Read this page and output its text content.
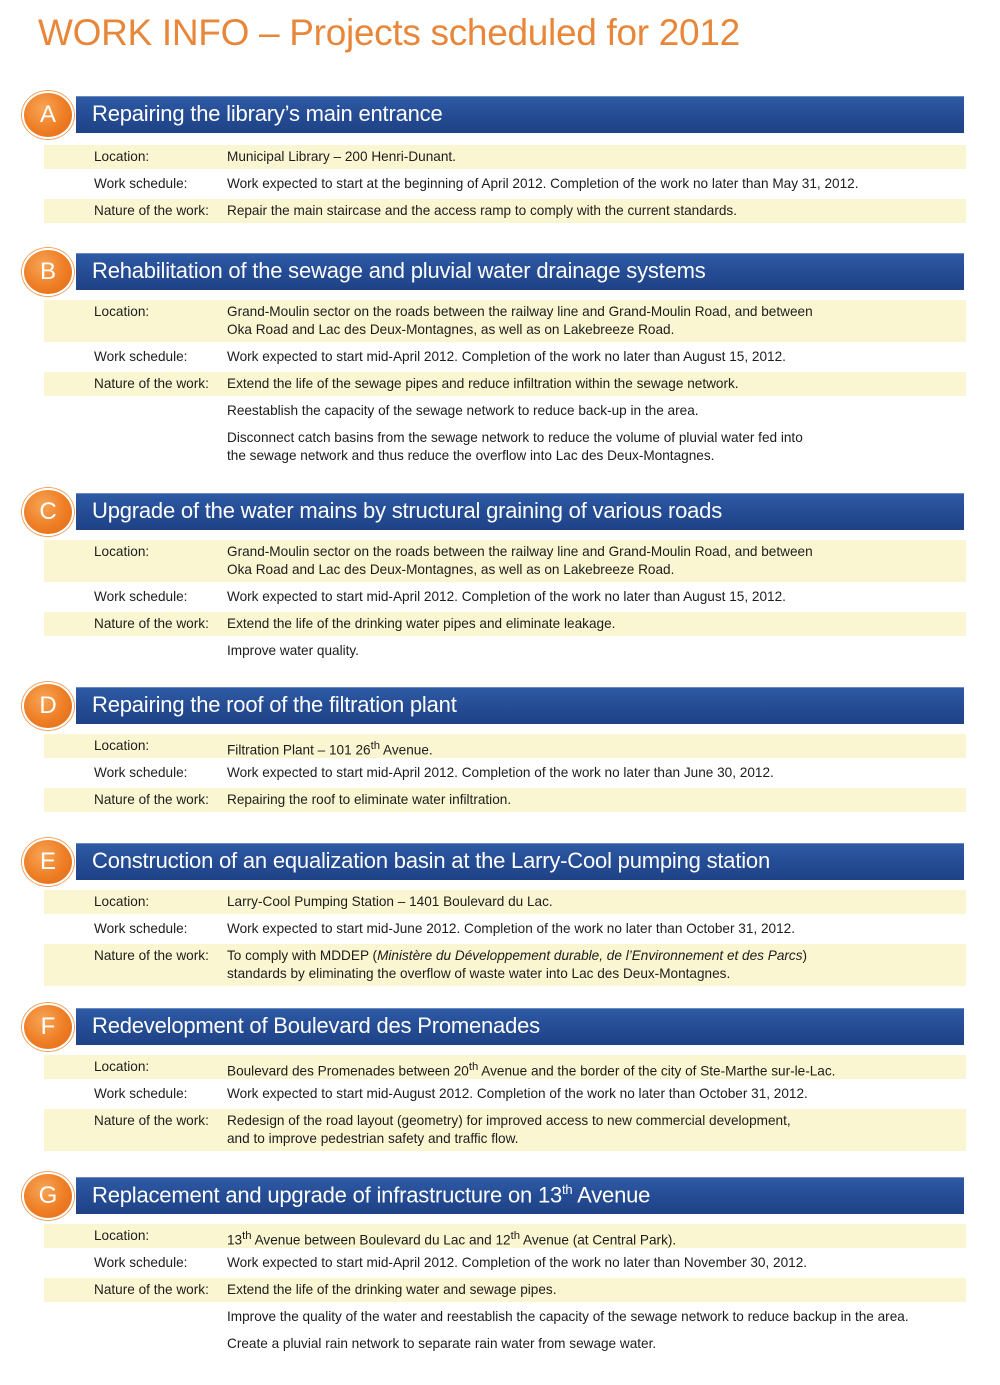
WORK INFO – Projects scheduled for 2012
Repairing the library’s main entrance
A
Location:	Municipal Library – 200 Henri-Dunant.
Work schedule:	Work expected to start at the beginning of April 2012. Completion of the work no later than May 31, 2012.
Nature of the work: Repair the main staircase and the access ramp to comply with the current standards.
Rehabilitation of the sewage and pluvial water drainage systems
B
Location:	Grand-Moulin sector on the roads between the railway line and Grand-Moulin Road, and between
Oka Road and Lac des Deux-Montagnes, as well as on Lakebreeze Road.
Work schedule:	Work expected to start mid-April 2012. Completion of the work no later than August 15, 2012.
Nature of the work: Extend the life of the sewage pipes and reduce infiltration within the sewage network.
Reestablish the capacity of the sewage network to reduce back-up in the area.
Disconnect catch basins from the sewage network to reduce the volume of pluvial water fed into
the sewage network and thus reduce the overflow into Lac des Deux-Montagnes.
Upgrade of the water mains by structural graining of various roads
C
Location:	Grand-Moulin sector on the roads between the railway line and Grand-Moulin Road, and between
Oka Road and Lac des Deux-Montagnes, as well as on Lakebreeze Road.
Work schedule:	Work expected to start mid-April 2012. Completion of the work no later than August 15, 2012.
Nature of the work: Extend the life of the drinking water pipes and eliminate leakage.
Improve water quality.
Repairing the roof of the filtration plant
D
Location:	Filtration Plant – 101 26th Avenue.
Work schedule:	Work expected to start mid-April 2012. Completion of the work no later than June 30, 2012.
Nature of the work: Repairing the roof to eliminate water infiltration.
Construction of an equalization basin at the Larry-Cool pumping station
E
Location:	Larry-Cool Pumping Station – 1401 Boulevard du Lac.
Work schedule:	Work expected to start mid-June 2012. Completion of the work no later than October 31, 2012.
Nature of the work: To comply with MDDEP (Ministère du Développement durable, de l’Environnement et des Parcs)
standards by eliminating the overflow of waste water into Lac des Deux-Montagnes.
Redevelopment of Boulevard des Promenades
F
Location:	Boulevard des Promenades between 20th Avenue and the border of the city of Ste-Marthe sur-le-Lac.
Work schedule:	Work expected to start mid-August 2012. Completion of the work no later than October 31, 2012.
Nature of the work: Redesign of the road layout (geometry) for improved access to new commercial development,
and to improve pedestrian safety and traffic flow.
Replacement and upgrade of infrastructure on 13th Avenue
G
Location:	13th Avenue between Boulevard du Lac and 12th Avenue (at Central Park).
Work schedule:	Work expected to start mid-April 2012. Completion of the work no later than November 30, 2012.
Nature of the work: Extend the life of the drinking water and sewage pipes.
Improve the quality of the water and reestablish the capacity of the sewage network to reduce backup in the area.
Create a pluvial rain network to separate rain water from sewage water.
